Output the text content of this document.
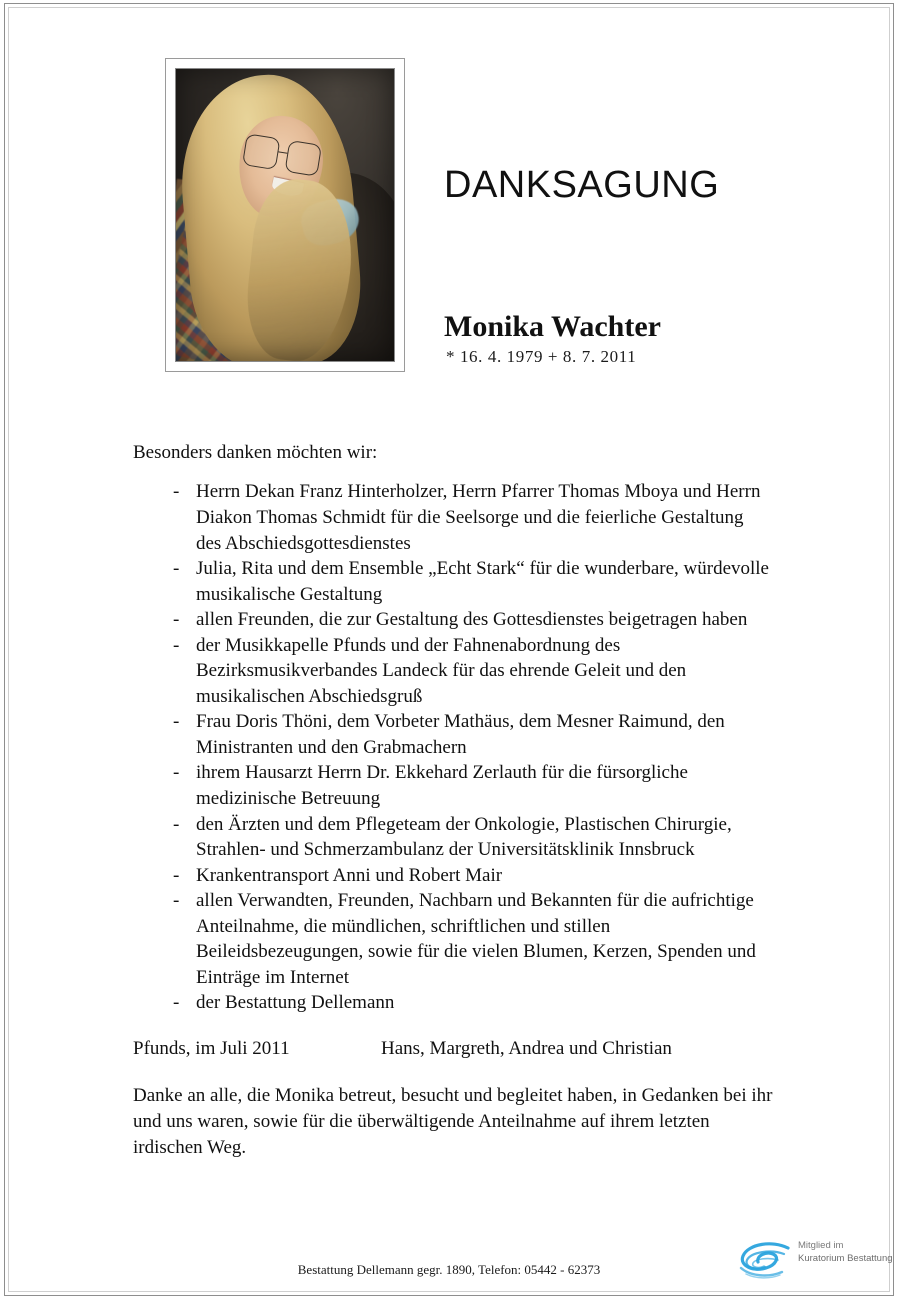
DANKSAGUNG
Monika Wachter
* 16. 4. 1979 + 8. 7. 2011

Besonders danken möchten wir:

- Herrn Dekan Franz Hinterholzer, Herrn Pfarrer Thomas Mboya und Herrn Diakon Thomas Schmidt für die Seelsorge und die feierliche Gestaltung des Abschiedsgottesdienstes
- Julia, Rita und dem Ensemble „Echt Stark“ für die wunderbare, würdevolle musikalische Gestaltung
- allen Freunden, die zur Gestaltung des Gottesdienstes beigetragen haben
- der Musikkapelle Pfunds und der Fahnenabordnung des Bezirksmusikverbandes Landeck für das ehrende Geleit und den musikalischen Abschiedsgruß
- Frau Doris Thöni, dem Vorbeter Mathäus, dem Mesner Raimund, den Ministranten und den Grabmachern
- ihrem Hausarzt Herrn Dr. Ekkehard Zerlauth für die fürsorgliche medizinische Betreuung
- den Ärzten und dem Pflegeteam der Onkologie, Plastischen Chirurgie, Strahlen- und Schmerzambulanz der Universitätsklinik Innsbruck
- Krankentransport Anni und Robert Mair
- allen Verwandten, Freunden, Nachbarn und Bekannten für die aufrichtige Anteilnahme, die mündlichen, schriftlichen und stillen Beileidsbezeugungen, sowie für die vielen Blumen, Kerzen, Spenden und Einträge im Internet
- der Bestattung Dellemann
Pfunds, im Juli 2011	Hans, Margreth, Andrea und Christian

Danke an alle, die Monika betreut, besucht und begleitet haben, in Gedanken bei ihr und uns waren, sowie für die überwältigende Anteilnahme auf ihrem letzten irdischen Weg.

Bestattung Dellemann gegr. 1890, Telefon: 05442 - 62373
Mitglied im
Kuratorium Bestattung
